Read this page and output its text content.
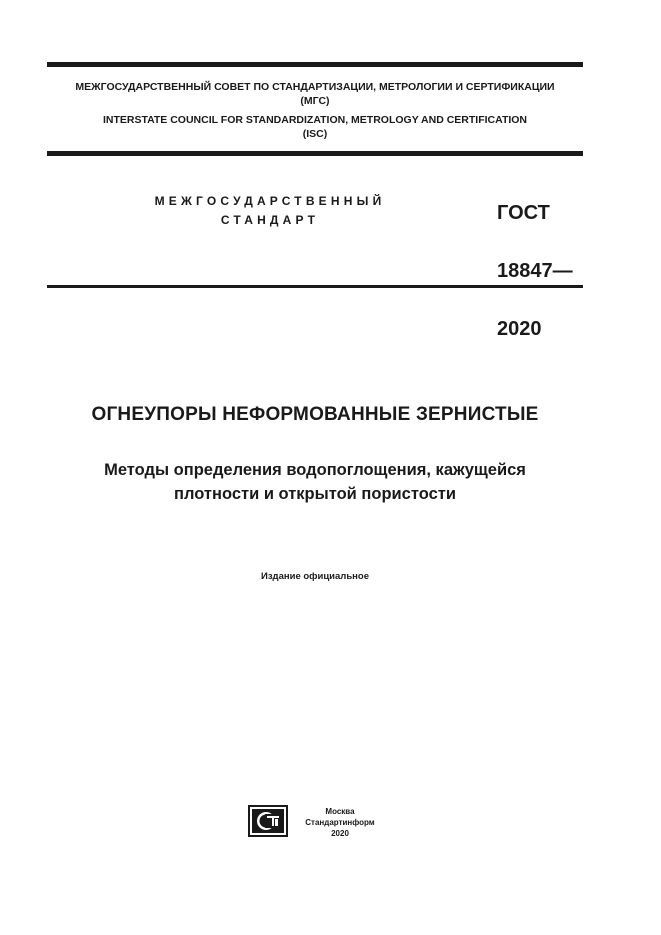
МЕЖГОСУДАРСТВЕННЫЙ СОВЕТ ПО СТАНДАРТИЗАЦИИ, МЕТРОЛОГИИ И СЕРТИФИКАЦИИ
(МГС)
INTERSTATE COUNCIL FOR STANDARDIZATION, METROLOGY AND CERTIFICATION
(ISC)
МЕЖГОСУДАРСТВЕННЫЙ
СТАНДАРТ	ГОСТ

18847—

2020

ОГНЕУПОРЫ НЕФОРМОВАННЫЕ ЗЕРНИСТЫЕ
Методы определения водопоглощения, кажущейся
плотности и открытой пористости
Издание официальное
Москва
Стандартинформ
2020
